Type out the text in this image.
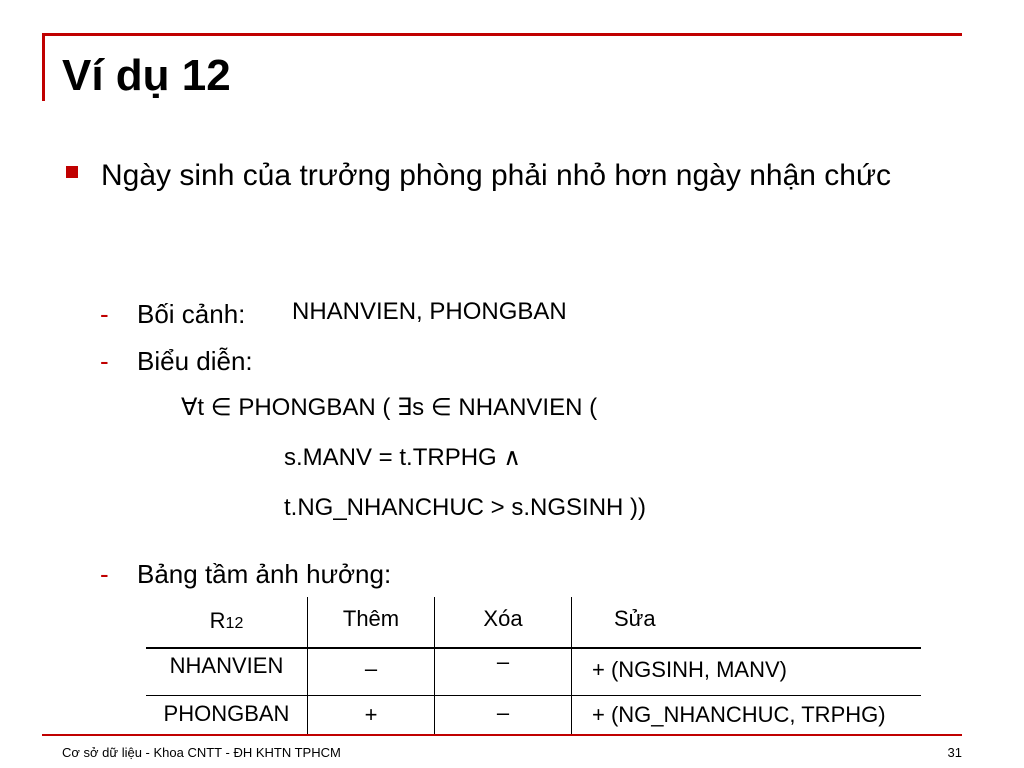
Ví dụ 12

Ngày sinh của trưởng phòng phải nhỏ hơn ngày nhận chức

- Bối cảnh: NHANVIEN, PHONGBAN
- Biểu diễn:
∀t ∈ PHONGBAN ( ∃s ∈ NHANVIEN (
s.MANV = t.TRPHG ∧
t.NG_NHANCHUC > s.NGSINH ))
- Bảng tầm ảnh hưởng:
R12	Thêm	Xóa	Sửa
NHANVIEN	–	–	+ (NGSINH, MANV)
PHONGBAN	+	–	+ (NG_NHANCHUC, TRPHG)
Cơ sở dữ liệu - Khoa CNTT - ĐH KHTN TPHCM	31
